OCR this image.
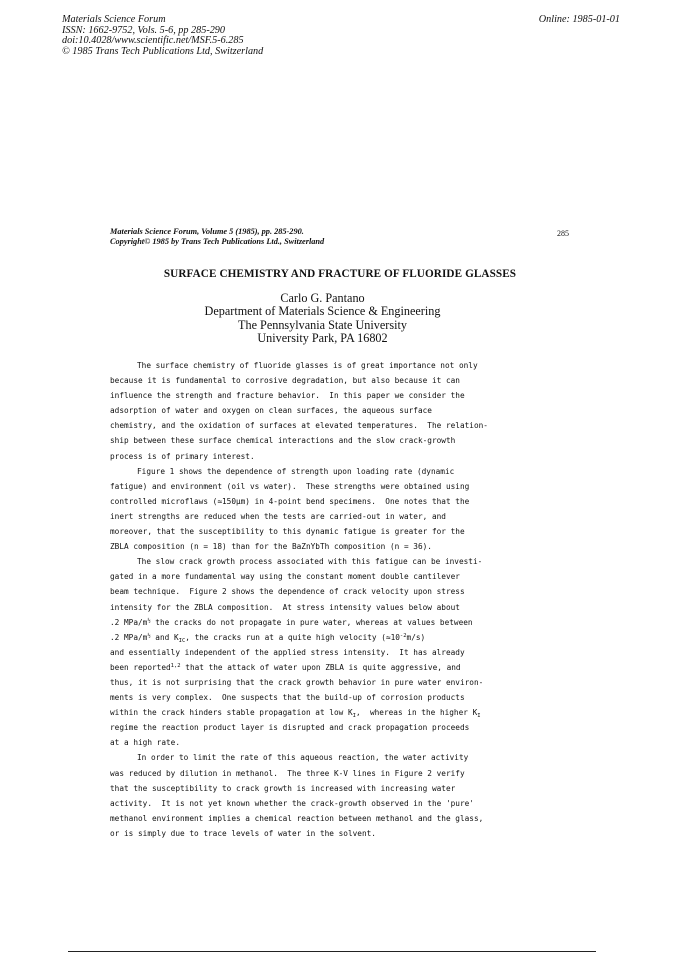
Materials Science Forum
ISSN: 1662-9752, Vols. 5-6, pp 285-290
doi:10.4028/www.scientific.net/MSF.5-6.285
© 1985 Trans Tech Publications Ltd, Switzerland
Online: 1985-01-01
Materials Science Forum, Volume 5 (1985), pp. 285-290.
Copyright© 1985 by Trans Tech Publications Ltd., Switzerland
285
SURFACE CHEMISTRY AND FRACTURE OF FLUORIDE GLASSES
Carlo G. Pantano
Department of Materials Science & Engineering
The Pennsylvania State University
University Park, PA 16802
The surface chemistry of fluoride glasses is of great importance not only
because it is fundamental to corrosive degradation, but also because it can
influence the strength and fracture behavior.  In this paper we consider the
adsorption of water and oxygen on clean surfaces, the aqueous surface
chemistry, and the oxidation of surfaces at elevated temperatures.  The relation-
ship between these surface chemical interactions and the slow crack-growth
process is of primary interest.
Figure 1 shows the dependence of strength upon loading rate (dynamic
fatigue) and environment (oil vs water).  These strengths were obtained using
controlled microflaws (≈150μm) in 4-point bend specimens.  One notes that the
inert strengths are reduced when the tests are carried-out in water, and
moreover, that the susceptibility to this dynamic fatigue is greater for the
ZBLA composition (n = 18) than for the BaZnYbTh composition (n = 36).
The slow crack growth process associated with this fatigue can be investi-
gated in a more fundamental way using the constant moment double cantilever
beam technique.  Figure 2 shows the dependence of crack velocity upon stress
intensity for the ZBLA composition.  At stress intensity values below about
.2 MPa/$m^{\frac{1}{2}}$ the cracks do not propagate in pure water, whereas at values between
.2 MPa/$m^{\frac{1}{2}}$ and $K_{IC}$, the cracks run at a quite high velocity $(\approx 10^{-2}m/s)$
and essentially independent of the applied stress intensity.  It has already
been reported$^{1,2}$ that the attack of water upon ZBLA is quite aggressive, and
thus, it is not surprising that the crack growth behavior in pure water environ-
ments is very complex.  One suspects that the build-up of corrosion products
within the crack hinders stable propagation at low $K_I$,  whereas in the higher $K_I$
regime the reaction product layer is disrupted and crack propagation proceeds
at a high rate.
In order to limit the rate of this aqueous reaction, the water activity
was reduced by dilution in methanol.  The three K-V lines in Figure 2 verify
that the susceptibility to crack growth is increased with increasing water
activity.  It is not yet known whether the crack-growth observed in the 'pure'
methanol environment implies a chemical reaction between methanol and the glass,
or is simply due to trace levels of water in the solvent.
